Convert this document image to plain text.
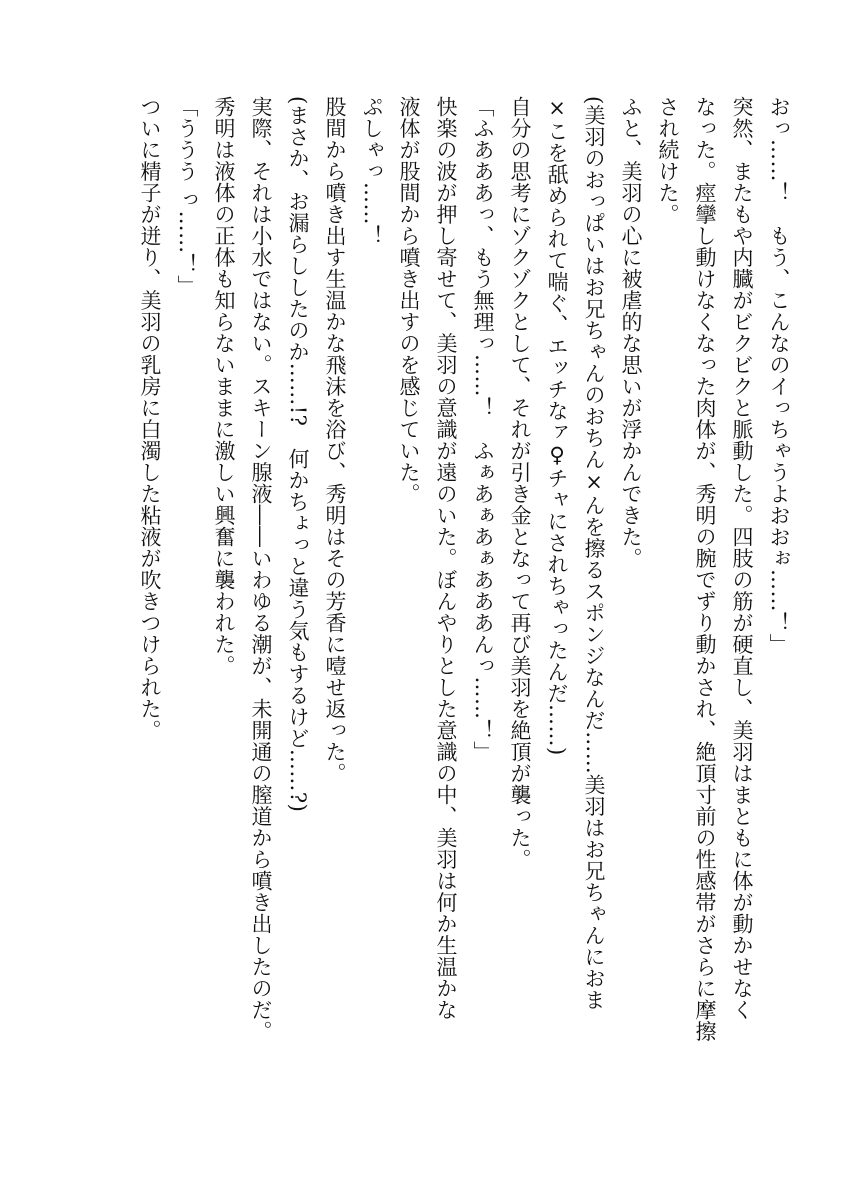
おっ……！　もう、こんなのイっちゃうよおおぉ……！」

突然、またもや内臓がビクビクと脈動した。四肢の筋が硬直し、美羽はまともに体が動かせなく

なった。痙攣し動けなくなった肉体が、秀明の腕でずり動かされ、絶頂寸前の性感帯がさらに摩擦

され続けた。

ふと、美羽の心に被虐的な思いが浮かんできた。

(美羽のおっぱいはお兄ちゃんのおちん×んを擦るスポンジなんだ……美羽はお兄ちゃんにおま

×こを舐められて喘ぐ、エッチなァ♀チャにされちゃったんだ……)

自分の思考にゾクゾクとして、それが引き金となって再び美羽を絶頂が襲った。

「ふあああっ、もう無理っ……！　ふぁあぁあぁあああんっ……！」

快楽の波が押し寄せて、美羽の意識が遠のいた。ぼんやりとした意識の中、美羽は何か生温かな

液体が股間から噴き出すのを感じていた。

ぷしゃっ……！

股間から噴き出す生温かな飛沫を浴び、秀明はその芳香に噎せ返った。

(まさか、お漏らししたのか……!?　何かちょっと違う気もするけど……?)

実際、それは小水ではない。スキーン腺液――いわゆる潮が、未開通の膣道から噴き出したのだ。

秀明は液体の正体も知らないままに激しい興奮に襲われた。

「ううう っ……！」

ついに精子が迸り、美羽の乳房に白濁した粘液が吹きつけられた。
